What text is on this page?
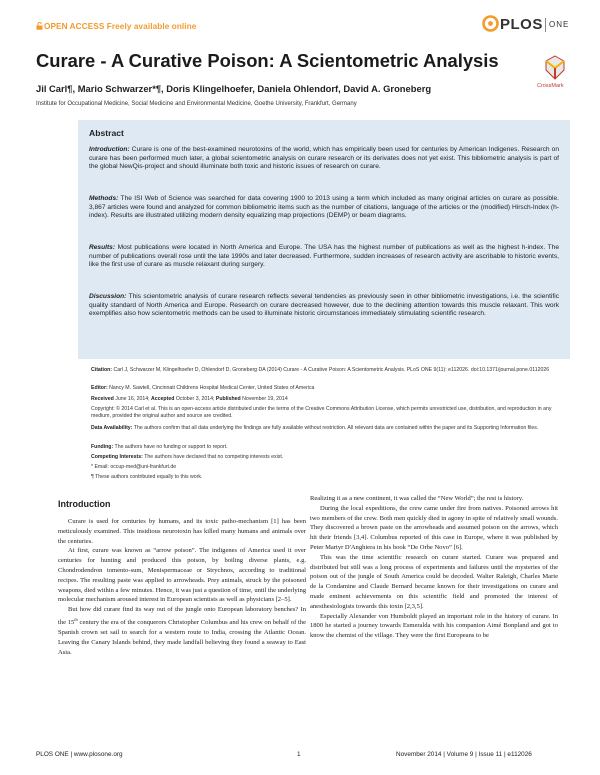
OPEN ACCESS Freely available online	PLOS ONE
Curare - A Curative Poison: A Scientometric Analysis
Jil Carl¶, Mario Schwarzer*¶, Doris Klingelhoefer, Daniela Ohlendorf, David A. Groneberg
Institute for Occupational Medicine, Social Medicine and Environmental Medicine, Goethe University, Frankfurt, Germany
CrossMark
Abstract
Introduction: Curare is one of the best-examined neurotoxins of the world, which has empirically been used for centuries by American Indigenes. Research on curare has been performed much later, a global scientometric analysis on curare research or its derivates does not yet exist. This bibliometric analysis is part of the global NewQis-project and should illuminate both toxic and historic issues of research on curare.
Methods: The ISI Web of Science was searched for data covering 1900 to 2013 using a term which included as many original articles on curare as possible. 3,867 articles were found and analyzed for common bibliometric items such as the number of citations, language of the articles or the (modified) Hirsch-Index (h-index). Results are illustrated utilizing modern density equalizing map projections (DEMP) or beam diagrams.
Results: Most publications were located in North America and Europe. The USA has the highest number of publications as well as the highest h-index. The number of publications overall rose until the late 1990s and later decreased. Furthermore, sudden increases of research activity are ascribable to historic events, like the first use of curare as muscle relaxant during surgery.
Discussion: This scientometric analysis of curare research reflects several tendencies as previously seen in other bibliometric investigations, i.e. the scientific quality standard of North America and Europe. Research on curare decreased however, due to the declining attention towards this muscle relaxant. This work exemplifies also how scientometric methods can be used to illuminate historic circumstances immediately stimulating scientific research.
Citation: Carl J, Schwarzer M, Klingelhoefer D, Ohlendorf D, Groneberg DA (2014) Curare - A Curative Poison: A Scientometric Analysis. PLoS ONE 9(11): e112026. doi:10.1371/journal.pone.0112026
Editor: Nancy M. Sawtell, Cincinnati Childrens Hospital Medical Center, United States of America
Received June 16, 2014; Accepted October 3, 2014; Published November 19, 2014
Copyright: © 2014 Carl et al. This is an open-access article distributed under the terms of the Creative Commons Attribution License, which permits unrestricted use, distribution, and reproduction in any medium, provided the original author and source are credited.
Data Availability: The authors confirm that all data underlying the findings are fully available without restriction. All relevant data are contained within the paper and its Supporting Information files.
Funding: The authors have no funding or support to report.
Competing Interests: The authors have declared that no competing interests exist.
* Email: occup-med@uni-frankfurt.de
¶ These authors contributed equally to this work.
Introduction

Curare is used for centuries by humans, and its toxic patho-mechanism [1] has been meticulously examined. This insidious neurotoxin has killed many humans and animals over the centuries.

At first, curare was known as “arrow poison”. The indigenes of America used it over centuries for hunting and produced this poison, by boiling diverse plants, e.g. Chondrodendron tomento-sum, Menispermaceae or Strychnos, according to traditional recipes. The resulting paste was applied to arrowheads. Prey animals, struck by the poisoned weapons, died within a few minutes. Hence, it was just a question of time, until the underlying molecular mechanism aroused interest in European scientists as well as physicians [2–5].

But how did curare find its way out of the jungle onto European laboratory benches? In the 15th century the era of the conquerors Christopher Columbus and his crew on behalf of the Spanish crown set sail to search for a western route to India, crossing the Atlantic Ocean. Leaving the Canary Islands behind, they made landfall believing they found a seaway to East Asia.

Realizing it as a new continent, it was called the “New World”; the rest is history.

During the local expeditions, the crew came under fire from natives. Poisoned arrows hit two members of the crew. Both men quickly died in agony in spite of relatively small wounds. They discovered a brown paste on the arrowheads and assumed poison on the arrows, which hit their friends [3,4]. Columbus reported of this case in Europe, where it was published by Peter Martyr D'Anghiera in his book “De Orbe Novo” [6].

This was the time scientific research on curare started. Curare was prepared and distributed but still was a long process of experiments and failures until the mysteries of the poison out of the jungle of South America could be decoded. Walter Raleigh, Charles Marie de la Condamine and Claude Bernard became known for their investigations on curare and made eminent achievements on this scientific field and promoted the interest of anesthesiologists towards this toxin [2,3,5].

Especially Alexander von Humboldt played an important role in the history of curare. In 1800 he started a journey towards Esmeralda with his companion Aimé Bonpland and got to know the chemist of the village. They were the first Europeans to be

PLOS ONE | www.plosone.org	1	November 2014 | Volume 9 | Issue 11 | e112026
